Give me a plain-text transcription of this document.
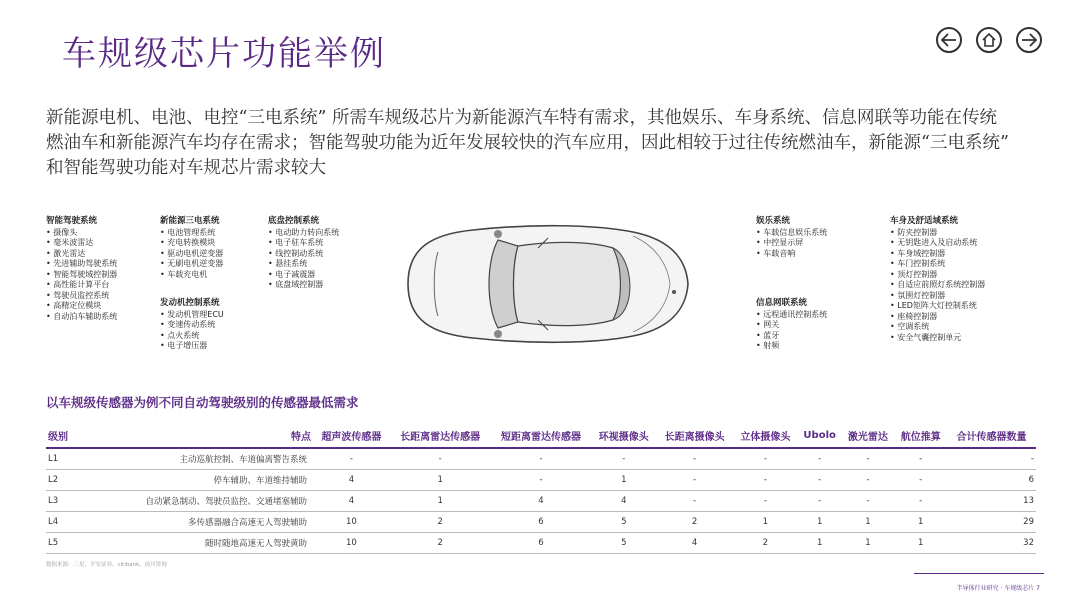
车规级芯片功能举例

新能源电机、电池、电控“三电系统” 所需车规级芯片为新能源汽车特有需求，其他娱乐、车身系统、信息网联等功能在传统

燃油车和新能源汽车均存在需求；智能驾驶功能为近年发展较快的汽车应用，因此相较于过往传统燃油车，新能源“三电系统”

和智能驾驶功能对车规芯片需求较大

智能驾驶系统
• 摄像头
• 毫米波雷达
• 激光雷达
• 先进辅助驾驶系统
• 智能驾驶域控制器
• 高性能计算平台
• 驾驶员监控系统
• 高精定位模块
• 自动泊车辅助系统
新能源三电系统
• 电池管理系统
• 充电转换模块
• 驱动电机逆变器
• 无刷电机逆变器
• 车载充电机
发动机控制系统
• 发动机管理ECU
• 变速传动系统
• 点火系统
• 电子增压器
底盘控制系统
• 电动助力转向系统
• 电子驻车系统
• 线控制动系统
• 悬挂系统
• 电子减震器
• 底盘域控制器
娱乐系统
• 车载信息娱乐系统
• 中控显示屏
• 车载音响
信息网联系统
• 远程通讯控制系统
• 网关
• 蓝牙
• 射频
车身及舒适域系统
• 防夹控制器
• 无钥匙进入及启动系统
• 车身域控制器
• 车门控制系统
• 顶灯控制器
• 自适应前照灯系统控制器
• 氛围灯控制器
• LED矩阵大灯控制系统
• 座椅控制器
• 空调系统
• 安全气囊控制单元
以车规级传感器为例不同自动驾驶级别的传感器最低需求
级别	特点	超声波传感器	长距离雷达传感器	短距离雷达传感器	环视摄像头	长距离摄像头	立体摄像头	Ubolo	激光雷达	航位推算	合计传感器数量
L1	主动巡航控制、车道偏离警告系统	-	-	-	-	-	-	-	-	-	-
L2	停车辅助、车道维持辅助	4	1	-	1	-	-	-	-	-	6
L3	自动紧急制动、驾驶员监控、交通堵塞辅助	4	1	4	4	-	-	-	-	-	13
L4	多传感器融合高速无人驾驶辅助	10	2	6	5	2	1	1	1	1	29
L5	随时随地高速无人驾驶黄助	10	2	6	5	4	2	1	1	1	32
数据来源：三星，平安证券，citibank，前川资询
半导体行业研究 · 车规级芯片 7
